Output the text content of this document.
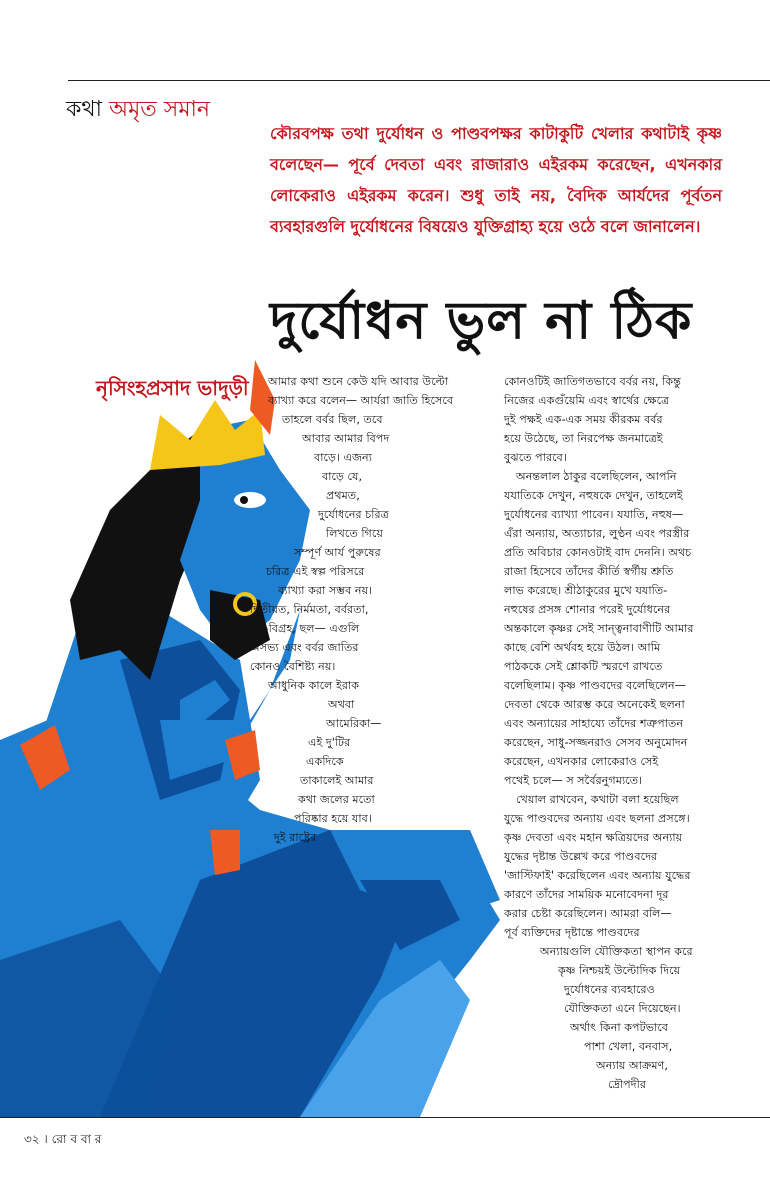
কথা অমৃত সমান
কৌরবপক্ষ তথা দুর্যোধন ও পাণ্ডবপক্ষর কাটাকুটি খেলার কথাটাই কৃষ্ণ বলেছেন— পূর্বে দেবতা এবং রাজারাও এইরকম করেছেন, এখনকার লোকেরাও এইরকম করেন। শুধু তাই নয়, বৈদিক আর্যদের পূর্বতন ব্যবহারগুলি দুর্যোধনের বিষয়েও যুক্তিগ্রাহ্য হয়ে ওঠে বলে জানালেন।
দুর্যোধন ভুল না ঠিক
নৃসিংহপ্রসাদ ভাদুড়ী	আমার কথা শুনে কেউ যদি আবার উল্টো
ব্যাখ্যা করে বলেন— আর্যরা জাতি হিসেবে
তাহলে বর্বর ছিল, তবে
আবার আমার বিপদ
বাড়ে। এজন্য
বাড়ে যে,
প্রথমত,
দুর্যোধনের চরিত্র
লিখতে গিয়ে
সম্পূর্ণ আর্য পুরুষের
চরিত্র এই স্বল্প পরিসরে
ব্যাখ্যা করা সম্ভব নয়।
দ্বিতীয়ত, নির্মমতা, বর্বরতা,
যুদ্ধ-বিগ্রহ, ছল— এগুলি
অসভ্য এবং বর্বর জাতির
কোনও বৈশিষ্ট্য নয়।
আধুনিক কালে ইরাক
অথবা
আমেরিকা—
এই দু'টির
একদিকে
তাকালেই আমার
কথা জলের মতো
পরিষ্কার হয়ে যাব।
দুই রাষ্ট্রের
কোনওটিই জাতিগতভাবে বর্বর নয়, কিন্তু
নিজের একগুঁয়েমি এবং স্বার্থের ক্ষেত্রে
দুই পক্ষই এক-এক সময় কীরকম বর্বর
হয়ে উঠেছে, তা নিরপেক্ষ জনমাত্রেই
বুঝতে পারবে।
অনন্তলাল ঠাকুর বলেছিলেন, আপনি
যযাতিকে দেখুন, নহুষকে দেখুন, তাহলেই
দুর্যোধনের ব্যাখ্যা পাবেন। যযাতি, নহুষ—
এঁরা অন্যায়, অত্যাচার, লুণ্ঠন এবং পরস্ত্রীর
প্রতি অবিচার কোনওটাই বাদ দেননি। অথচ
রাজা হিসেবে তাঁদের কীর্তি স্বর্গীয় শ্রুতি
লাভ করেছে। শ্রীঠাকুরের মুখে যযাতি-
নহুষের প্রসঙ্গ শোনার পরেই দুর্যোধনের
অন্তকালে কৃষ্ণর সেই সান্ত্বনাবাণীটি আমার
কাছে বেশি অর্থবহ হয়ে উঠল। আমি
পাঠককে সেই শ্লোকটি স্মরণে রাখতে
বলেছিলাম। কৃষ্ণ পাণ্ডবদের বলেছিলেন—
দেবতা থেকে আরম্ভ করে অনেকেই ছলনা
এবং অন্যায়ের সাহায্যে তাঁদের শত্রুপাতন
করেছেন, সাধু-সজ্জনরাও সেসব অনুমোদন
করেছেন, এখনকার লোকেরাও সেই
পথেই চলে— স সর্বৈরনুগম্যতে।
খেয়াল রাখবেন, কথাটা বলা হয়েছিল
যুদ্ধে পাণ্ডবদের অন্যায় এবং ছলনা প্রসঙ্গে।
কৃষ্ণ দেবতা এবং মহান ক্ষত্রিয়দের অন্যায়
যুদ্ধের দৃষ্টান্ত উল্লেখ করে পাণ্ডবদের
'জাস্টিফাই' করেছিলেন এবং অন্যায় যুদ্ধের
কারণে তাঁদের সাময়িক মনোবেদনা দূর
করার চেষ্টা করেছিলেন। আমরা বলি—
পূর্ব ব্যক্তিদের দৃষ্টান্তে পাণ্ডবদের
অন্যায়গুলি যৌক্তিকতা স্থাপন করে
কৃষ্ণ নিশ্চয়ই উল্টোদিক দিয়ে
দুর্যোধনের ব্যবহারেও
যৌক্তিকতা এনে দিয়েছেন।
অর্থাৎ কিনা কপটভাবে
পাশা খেলা, বনবাস,
অন্যায় আক্রমণ,
দ্রৌপদীর
৩২ । রো ব বা র
